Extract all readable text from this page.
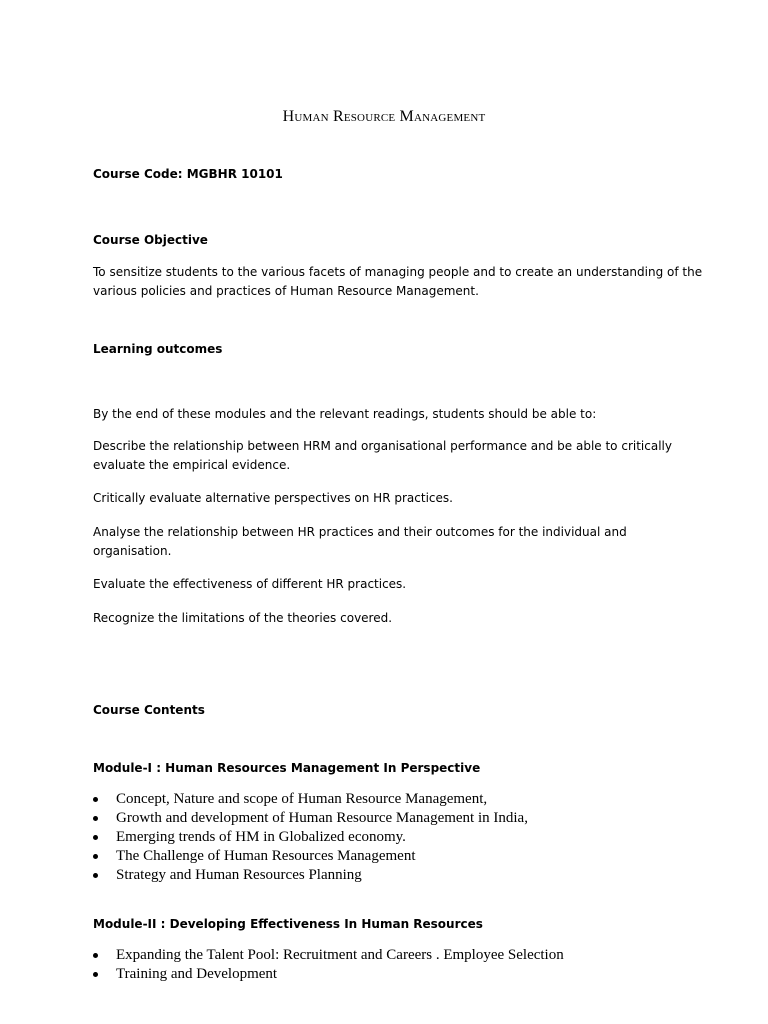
Human Resource Management

Course Code: MGBHR 10101

Course Objective

To sensitize students to the various facets of managing people and to create an understanding of the

various policies and practices of Human Resource Management.

Learning outcomes

By the end of these modules and the relevant readings, students should be able to:

Describe the relationship between HRM and organisational performance and be able to critically

evaluate the empirical evidence.

Critically evaluate alternative perspectives on HR practices.

Analyse the relationship between HR practices and their outcomes for the individual and

organisation.

Evaluate the effectiveness of different HR practices.

Recognize the limitations of the theories covered.

Course Contents

Module-I : Human Resources Management In Perspective

Concept, Nature and scope of Human Resource Management,
Growth and development of Human Resource Management in India,
Emerging trends of HM in Globalized economy.
The Challenge of Human Resources Management
Strategy and Human Resources Planning

Module-II : Developing Effectiveness In Human Resources

Expanding the Talent Pool: Recruitment and Careers . Employee Selection
Training and Development
